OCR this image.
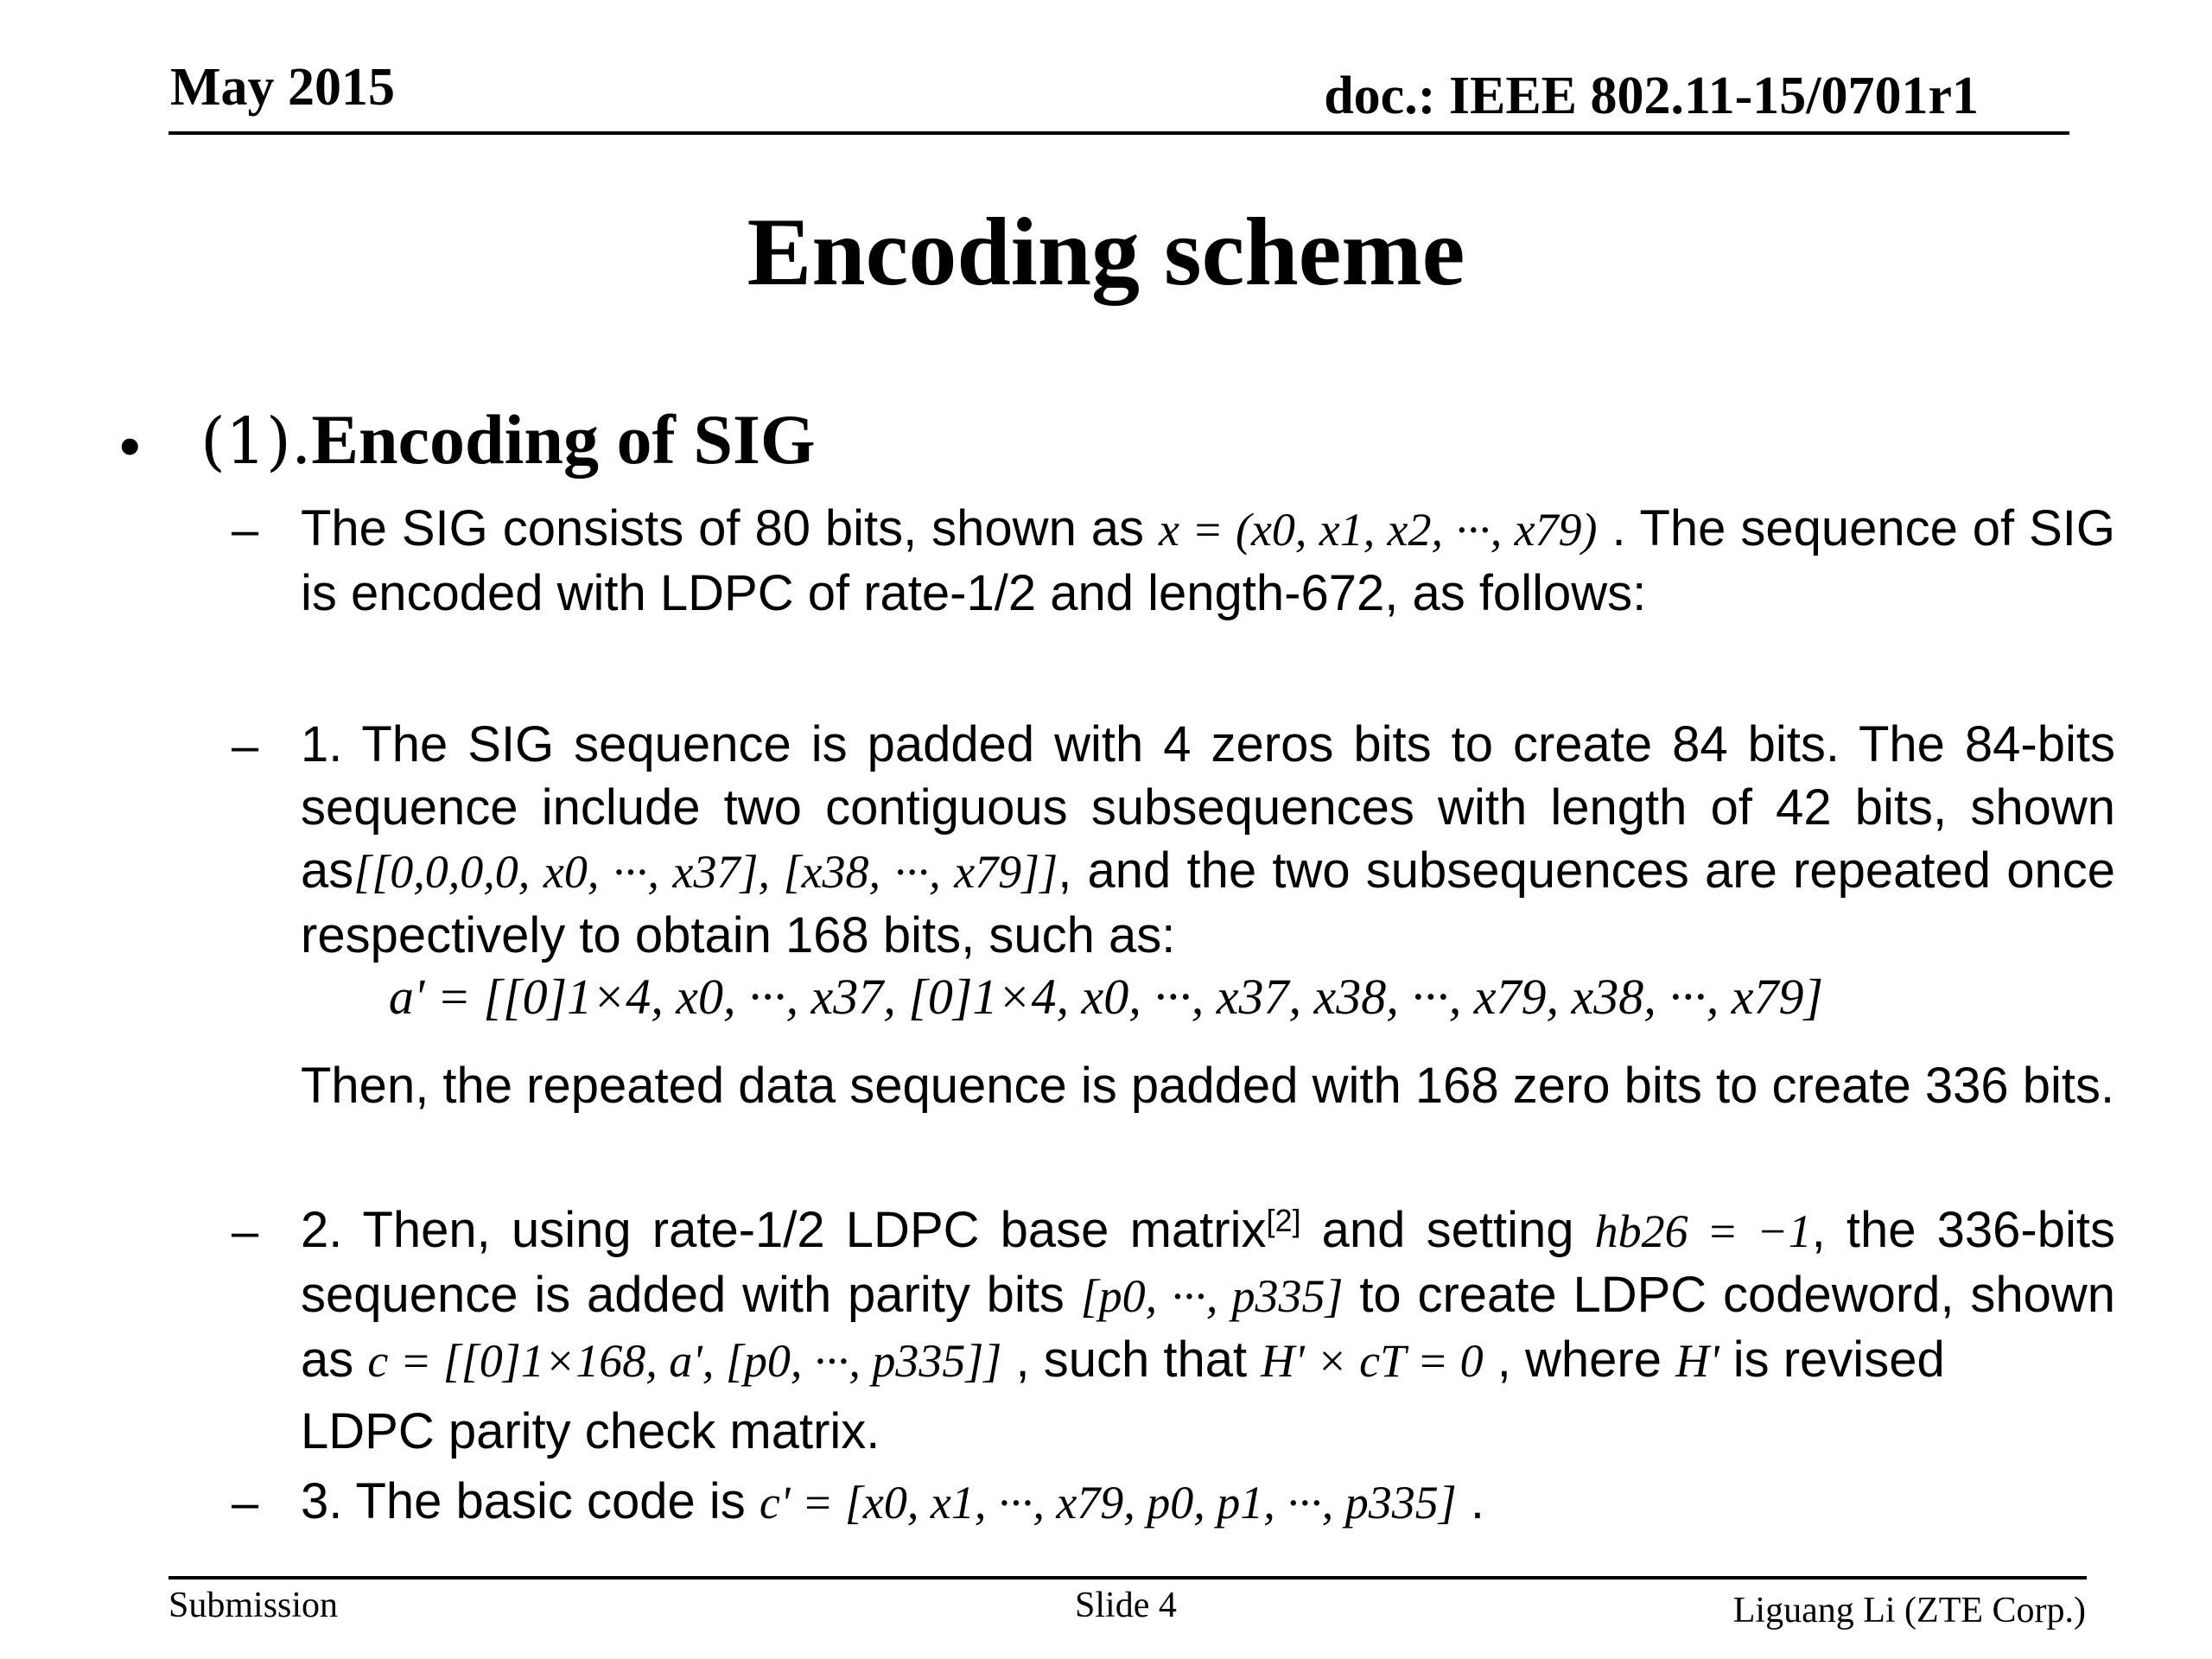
May 2015	doc.: IEEE 802.11-15/0701r1
Encoding scheme
• (1).Encoding of SIG
– The SIG consists of 80 bits, shown as x = (x0, x1, x2, ···, x79) . The sequence of SIG is encoded with LDPC of rate-1/2 and length-672, as follows:
– 1. The SIG sequence is padded with 4 zeros bits to create 84 bits. The 84-bits sequence include two contiguous subsequences with length of 42 bits, shown as[[0,0,0,0, x0, ···, x37], [x38, ···, x79]], and the two subsequences are repeated once respectively to obtain 168 bits, such as:
a' = [[0]1×4, x0, ···, x37, [0]1×4, x0, ···, x37, x38, ···, x79, x38, ···, x79]
Then, the repeated data sequence is padded with 168 zero bits to create 336 bits.
– 2. Then, using rate-1/2 LDPC base matrix[2] and setting hb26 = −1, the 336-bits sequence is added with parity bits [p0, ···, p335] to create LDPC codeword, shown as c = [[0]1×168, a', [p0, ···, p335]] , such that H' × cT = 0 , where H' is revised
LDPC parity check matrix.
– 3. The basic code is c' = [x0, x1, ···, x79, p0, p1, ···, p335] .
Submission	Slide 4	Liguang Li (ZTE Corp.)
